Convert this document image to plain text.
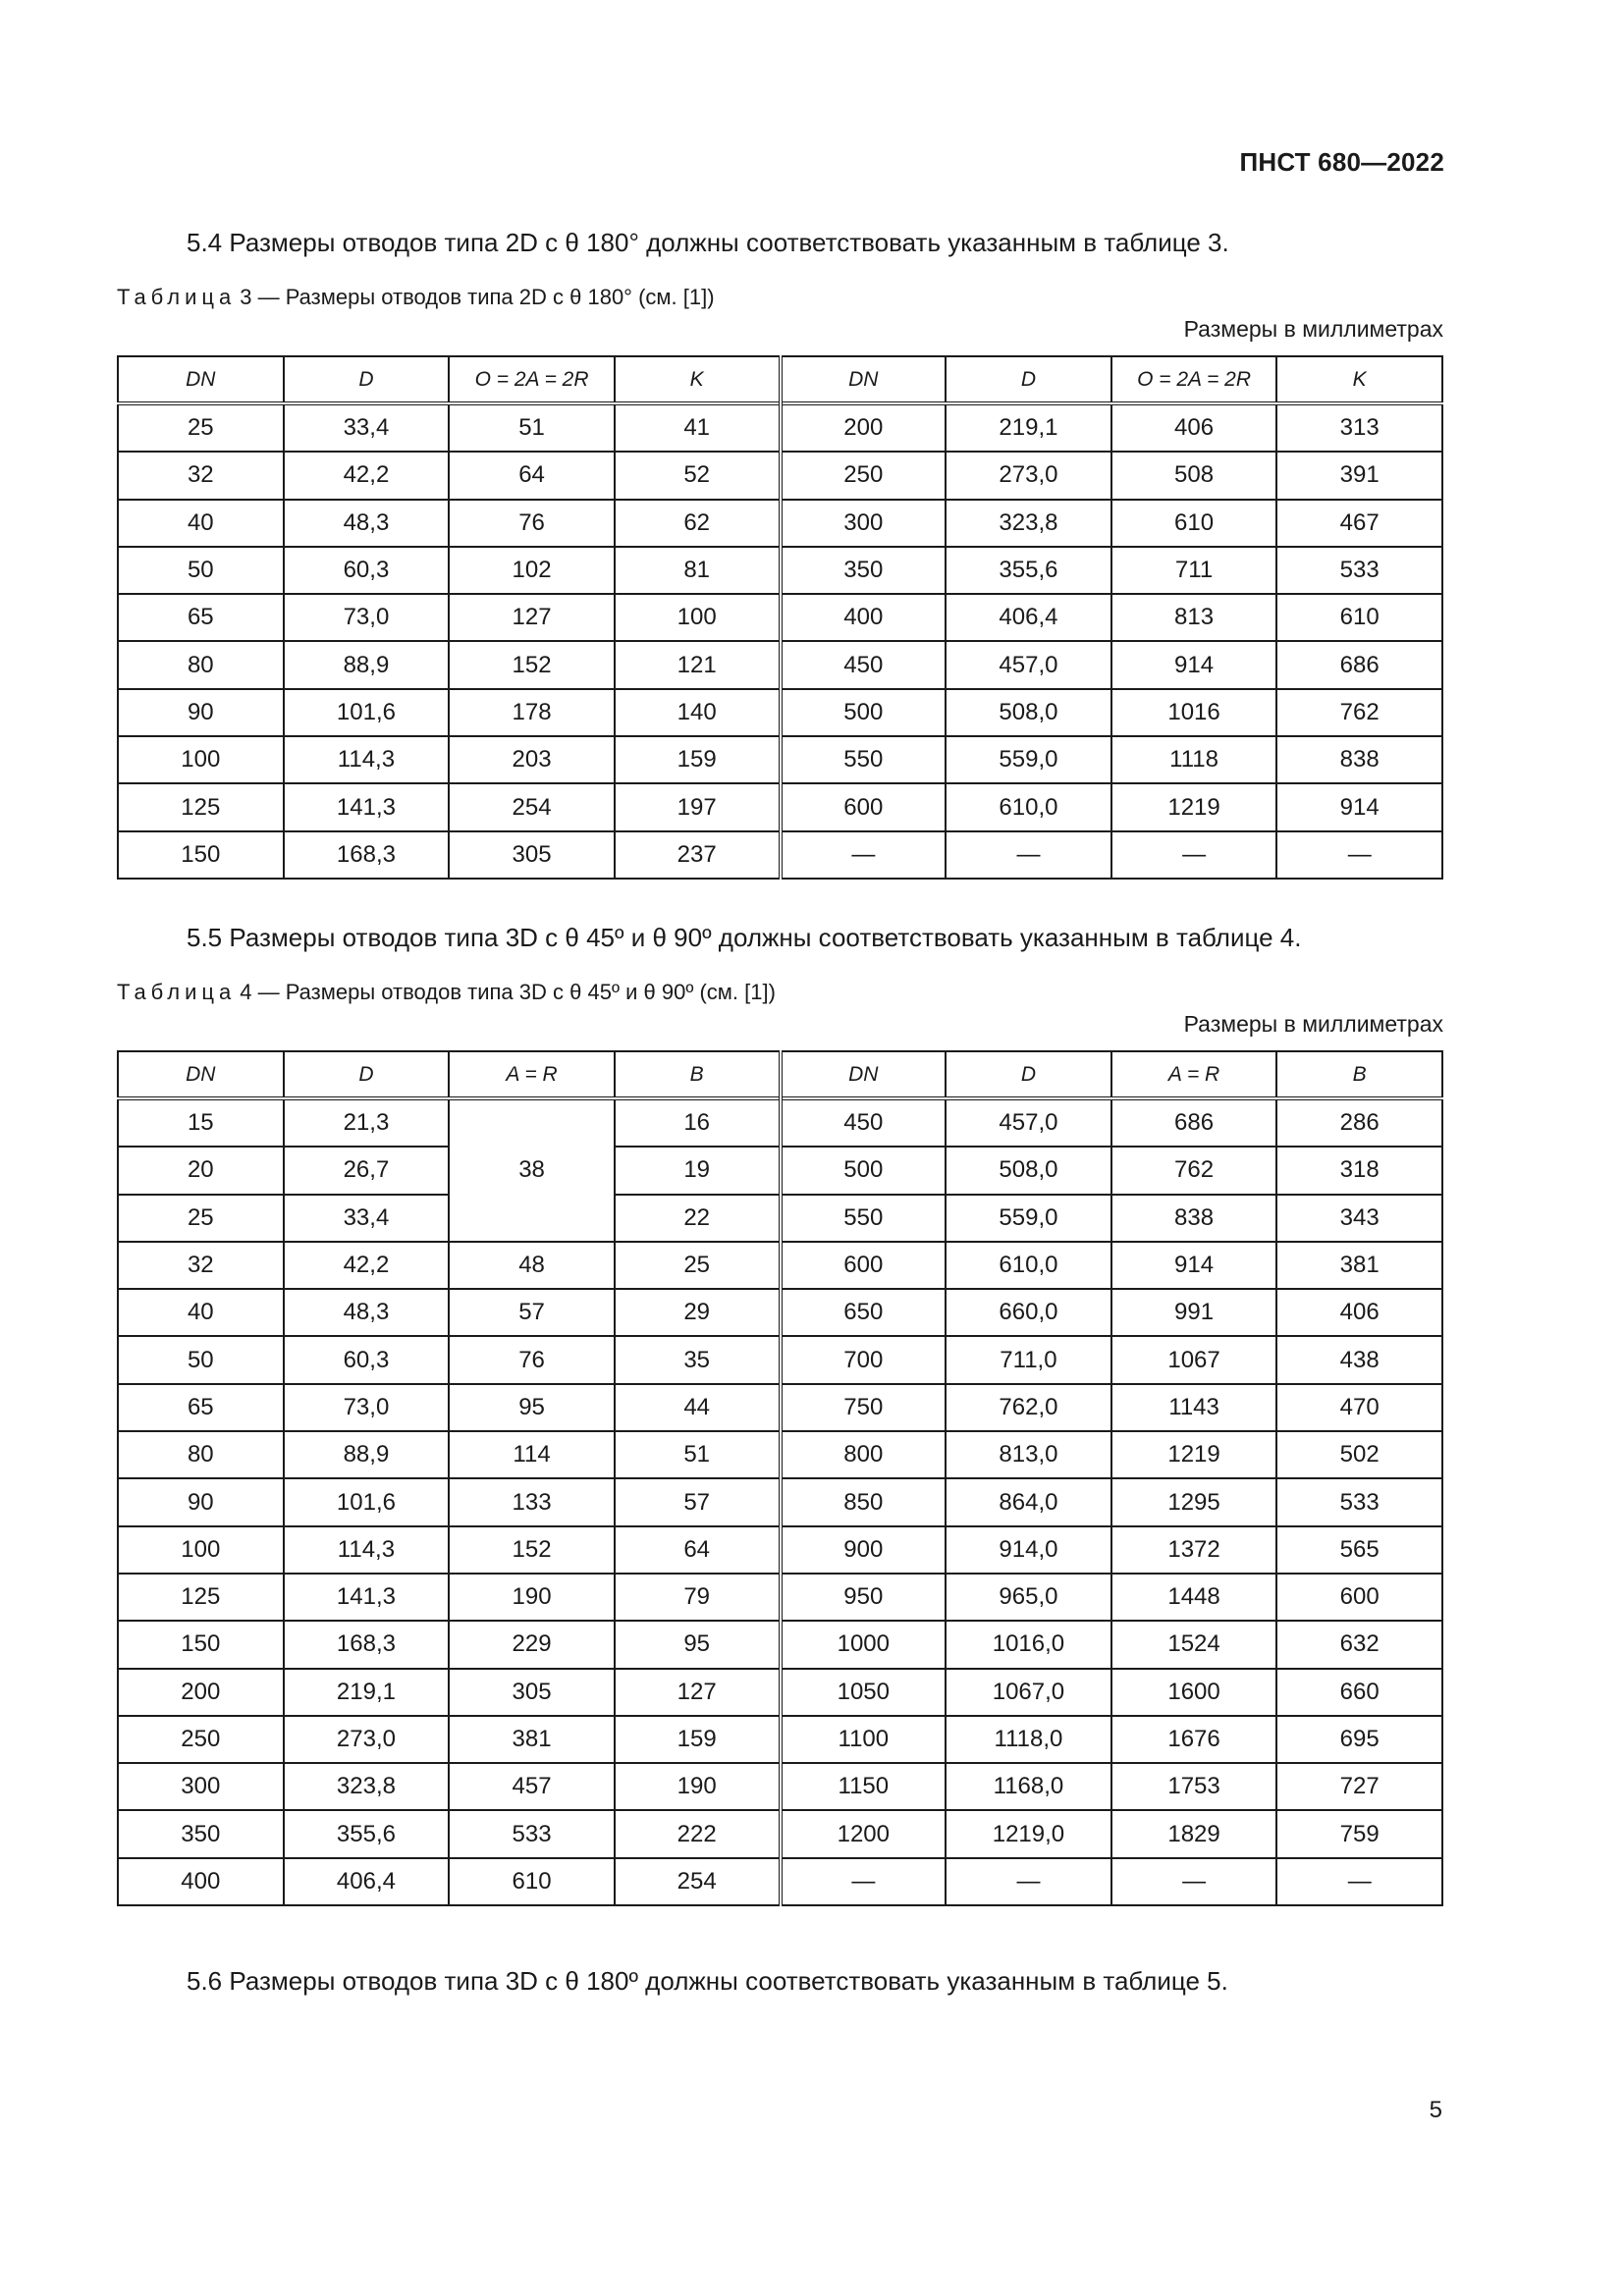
ПНСТ 680—2022
5.4 Размеры отводов типа 2D с θ 180° должны соответствовать указанным в таблице 3.
Таблица 3 — Размеры отводов типа 2D с θ 180° (см. [1])
Размеры в миллиметрах
DN	D	O = 2A = 2R	K	DN	D	O = 2A = 2R	K
25	33,4	51	41	200	219,1	406	313
32	42,2	64	52	250	273,0	508	391
40	48,3	76	62	300	323,8	610	467
50	60,3	102	81	350	355,6	711	533
65	73,0	127	100	400	406,4	813	610
80	88,9	152	121	450	457,0	914	686
90	101,6	178	140	500	508,0	1016	762
100	114,3	203	159	550	559,0	1118	838
125	141,3	254	197	600	610,0	1219	914
150	168,3	305	237	—	—	—	—
5.5 Размеры отводов типа 3D с θ 45º и θ 90º должны соответствовать указанным в таблице 4.
Таблица 4 — Размеры отводов типа 3D с θ 45º и θ 90º (см. [1])
Размеры в миллиметрах
DN	D	A = R	B	DN	D	A = R	B
15	21,3	38	16	450	457,0	686	286
20	26,7		19	500	508,0	762	318
25	33,4		22	550	559,0	838	343
32	42,2	48	25	600	610,0	914	381
40	48,3	57	29	650	660,0	991	406
50	60,3	76	35	700	711,0	1067	438
65	73,0	95	44	750	762,0	1143	470
80	88,9	114	51	800	813,0	1219	502
90	101,6	133	57	850	864,0	1295	533
100	114,3	152	64	900	914,0	1372	565
125	141,3	190	79	950	965,0	1448	600
150	168,3	229	95	1000	1016,0	1524	632
200	219,1	305	127	1050	1067,0	1600	660
250	273,0	381	159	1100	1118,0	1676	695
300	323,8	457	190	1150	1168,0	1753	727
350	355,6	533	222	1200	1219,0	1829	759
400	406,4	610	254	—	—	—	—
5.6 Размеры отводов типа 3D с θ 180º должны соответствовать указанным в таблице 5.
5
